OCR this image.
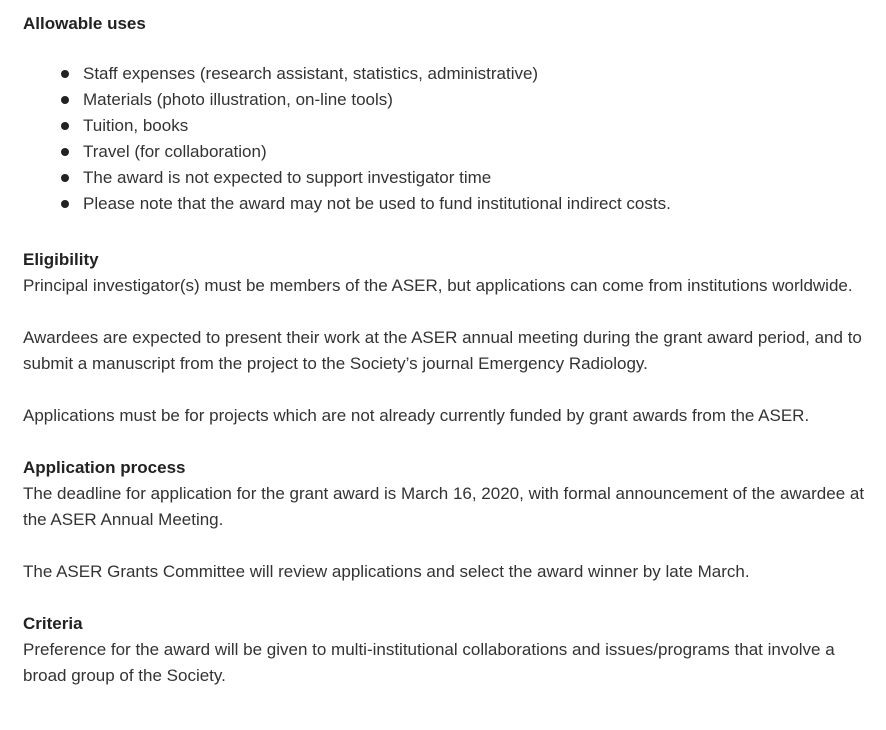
Allowable uses
Staff expenses (research assistant, statistics, administrative)
Materials (photo illustration, on-line tools)
Tuition, books
Travel (for collaboration)
The award is not expected to support investigator time
Please note that the award may not be used to fund institutional indirect costs.
Eligibility

Principal investigator(s) must be members of the ASER, but applications can come from institutions worldwide.

Awardees are expected to present their work at the ASER annual meeting during the grant award period, and to submit a manuscript from the project to the Society’s journal Emergency Radiology.

Applications must be for projects which are not already currently funded by grant awards from the ASER.

Application process

The deadline for application for the grant award is March 16, 2020, with formal announcement of the awardee at the ASER Annual Meeting.

The ASER Grants Committee will review applications and select the award winner by late March.

Criteria

Preference for the award will be given to multi-institutional collaborations and issues/programs that involve a broad group of the Society.
